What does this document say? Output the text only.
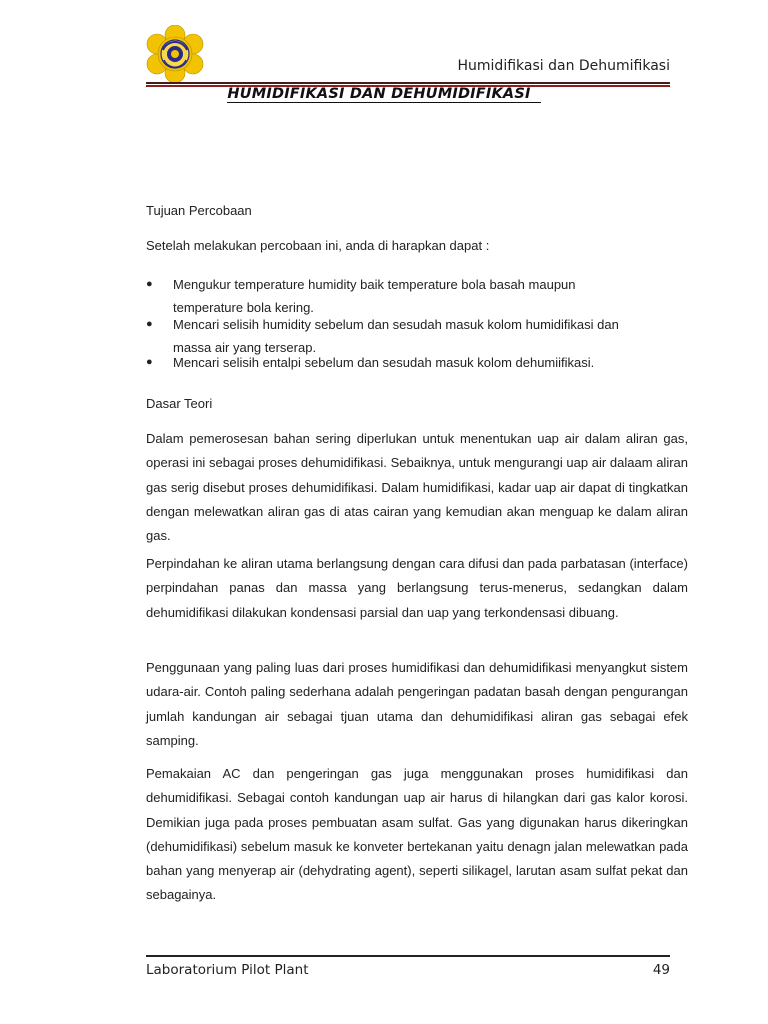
Humidifikasi dan Dehumifikasi
HUMIDIFIKASI DAN DEHUMIDIFIKASI

Tujuan Percobaan

Setelah melakukan percobaan ini, anda di harapkan dapat :

●	Mengukur temperature humidity baik temperature bola basah maupun
temperature bola kering.
●	Mencari selisih humidity sebelum dan sesudah masuk kolom humidifikasi dan
massa air yang terserap.
●	Mencari selisih entalpi sebelum dan sesudah masuk kolom dehumiifikasi.

Dasar Teori

Dalam pemerosesan bahan sering diperlukan untuk menentukan uap air dalam aliran gas, operasi ini sebagai proses dehumidifikasi. Sebaiknya, untuk mengurangi uap air dalaam aliran gas serig disebut proses dehumidifikasi. Dalam humidifikasi, kadar uap air dapat di tingkatkan dengan melewatkan aliran gas di atas cairan yang kemudian akan menguap ke dalam aliran gas.

Perpindahan ke aliran utama berlangsung dengan cara difusi dan pada parbatasan (interface) perpindahan panas dan massa yang berlangsung terus-menerus, sedangkan dalam dehumidifikasi dilakukan kondensasi parsial dan uap yang terkondensasi dibuang.

Penggunaan yang paling luas dari proses humidifikasi dan dehumidifikasi menyangkut sistem udara-air. Contoh paling sederhana adalah pengeringan padatan basah dengan pengurangan jumlah kandungan air sebagai tjuan utama dan dehumidifikasi aliran gas sebagai efek samping.

Pemakaian AC dan pengeringan gas juga menggunakan proses humidifikasi dan dehumidifikasi. Sebagai contoh kandungan uap air harus di hilangkan dari gas kalor korosi. Demikian juga pada proses pembuatan asam sulfat. Gas yang digunakan harus dikeringkan (dehumidifikasi) sebelum masuk ke konveter bertekanan yaitu denagn jalan melewatkan pada bahan yang menyerap air (dehydrating agent), seperti silikagel, larutan asam sulfat pekat dan sebagainya.

Laboratorium Pilot Plant	49
